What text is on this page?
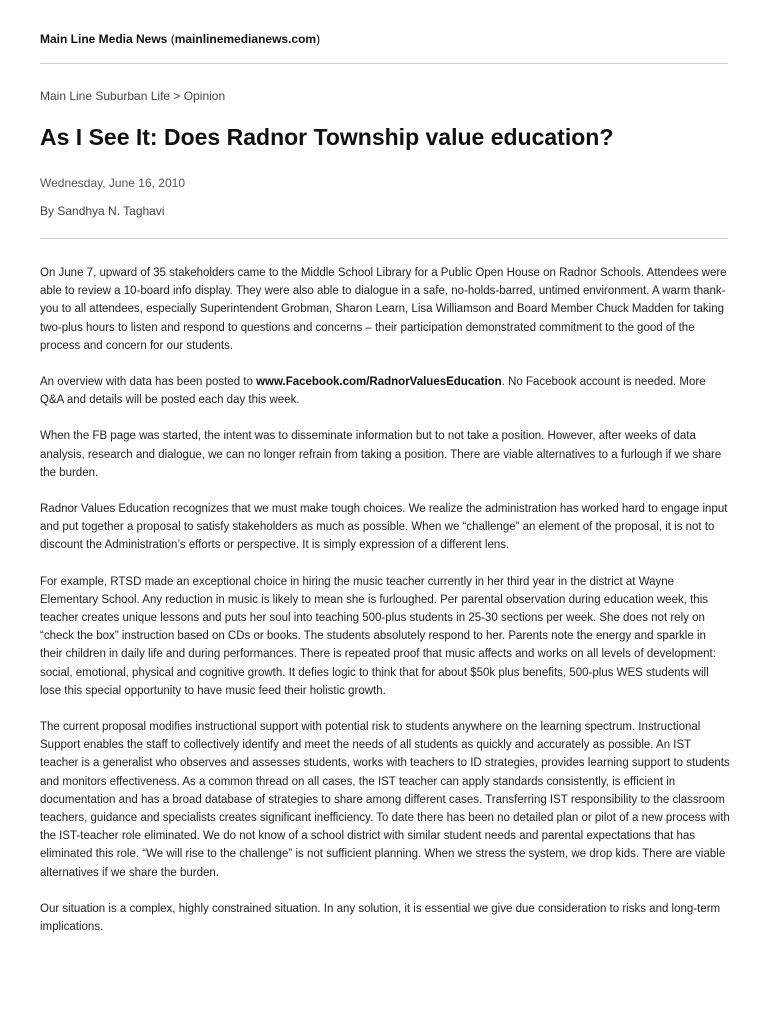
Main Line Media News (mainlinemedianews.com)
Main Line Suburban Life > Opinion
As I See It: Does Radnor Township value education?
Wednesday, June 16, 2010
By Sandhya N. Taghavi

On June 7, upward of 35 stakeholders came to the Middle School Library for a Public Open House on Radnor Schools. Attendees were able to review a 10-board info display. They were also able to dialogue in a safe, no-holds-barred, untimed environment. A warm thank-you to all attendees, especially Superintendent Grobman, Sharon Learn, Lisa Williamson and Board Member Chuck Madden for taking two-plus hours to listen and respond to questions and concerns – their participation demonstrated commitment to the good of the process and concern for our students.

An overview with data has been posted to www.Facebook.com/RadnorValuesEducation. No Facebook account is needed. More Q&A and details will be posted each day this week.

When the FB page was started, the intent was to disseminate information but to not take a position. However, after weeks of data analysis, research and dialogue, we can no longer refrain from taking a position. There are viable alternatives to a furlough if we share the burden.

Radnor Values Education recognizes that we must make tough choices. We realize the administration has worked hard to engage input and put together a proposal to satisfy stakeholders as much as possible. When we “challenge” an element of the proposal, it is not to discount the Administration’s efforts or perspective. It is simply expression of a different lens.

For example, RTSD made an exceptional choice in hiring the music teacher currently in her third year in the district at Wayne Elementary School. Any reduction in music is likely to mean she is furloughed. Per parental observation during education week, this teacher creates unique lessons and puts her soul into teaching 500-plus students in 25-30 sections per week. She does not rely on “check the box” instruction based on CDs or books. The students absolutely respond to her. Parents note the energy and sparkle in their children in daily life and during performances. There is repeated proof that music affects and works on all levels of development: social, emotional, physical and cognitive growth. It defies logic to think that for about $50k plus benefits, 500-plus WES students will lose this special opportunity to have music feed their holistic growth.

The current proposal modifies instructional support with potential risk to students anywhere on the learning spectrum. Instructional Support enables the staff to collectively identify and meet the needs of all students as quickly and accurately as possible. An IST teacher is a generalist who observes and assesses students, works with teachers to ID strategies, provides learning support to students and monitors effectiveness. As a common thread on all cases, the IST teacher can apply standards consistently, is efficient in documentation and has a broad database of strategies to share among different cases. Transferring IST responsibility to the classroom teachers, guidance and specialists creates significant inefficiency. To date there has been no detailed plan or pilot of a new process with the IST-teacher role eliminated. We do not know of a school district with similar student needs and parental expectations that has eliminated this role. “We will rise to the challenge” is not sufficient planning. When we stress the system, we drop kids. There are viable alternatives if we share the burden.

Our situation is a complex, highly constrained situation. In any solution, it is essential we give due consideration to risks and long-term implications.
